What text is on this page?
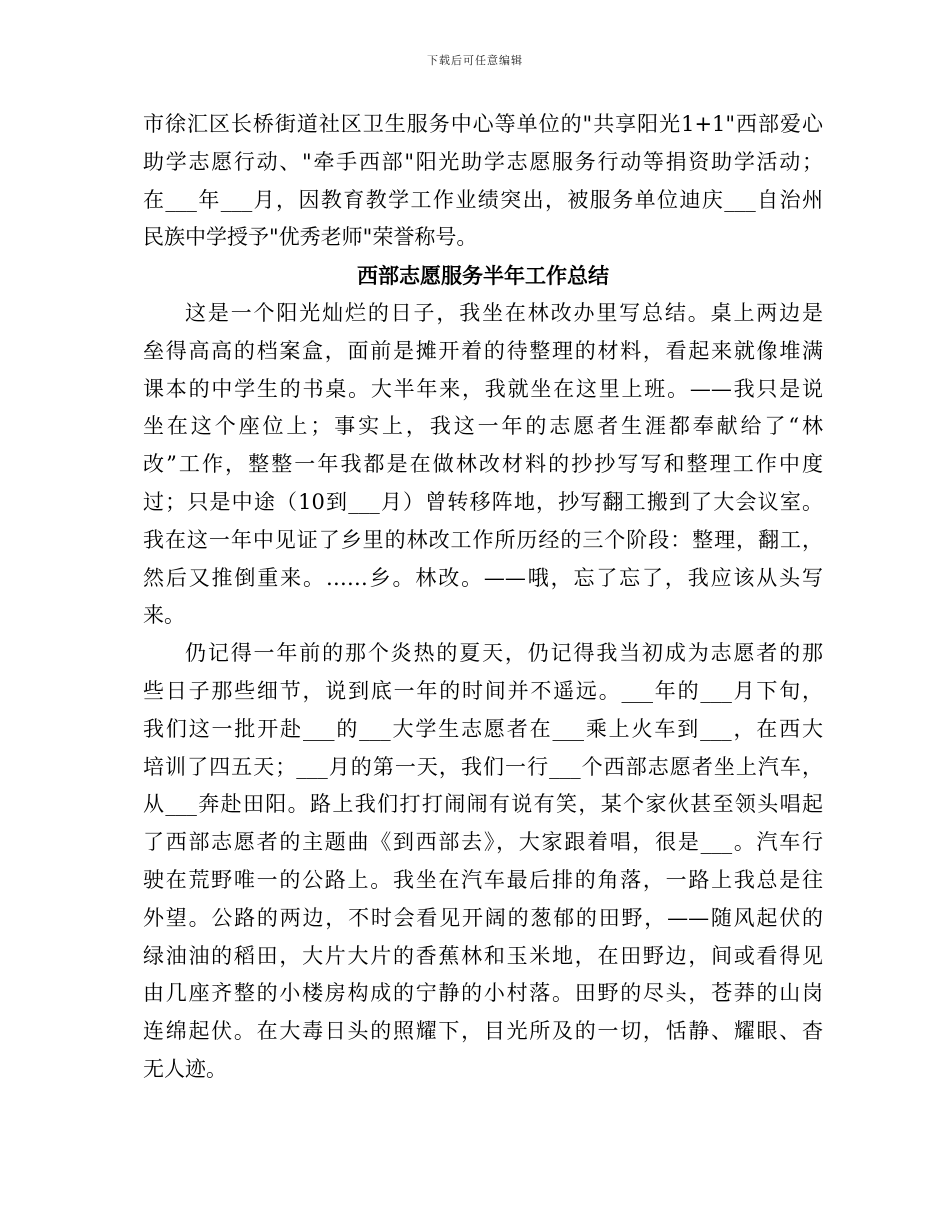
下载后可任意编辑
市徐汇区长桥街道社区卫生服务中心等单位的"共享阳光1+1"西部爱心
助学志愿行动、"牵手西部"阳光助学志愿服务行动等捐资助学活动；
在___年___月，因教育教学工作业绩突出，被服务单位迪庆___自治州
民族中学授予"优秀老师"荣誉称号。
西部志愿服务半年工作总结
这是一个阳光灿烂的日子，我坐在林改办里写总结。桌上两边是
垒得高高的档案盒，面前是摊开着的待整理的材料，看起来就像堆满
课本的中学生的书桌。大半年来，我就坐在这里上班。——我只是说
坐在这个座位上；事实上，我这一年的志愿者生涯都奉献给了“林
改”工作，整整一年我都是在做林改材料的抄抄写写和整理工作中度
过；只是中途（10到___月）曾转移阵地，抄写翻工搬到了大会议室。
我在这一年中见证了乡里的林改工作所历经的三个阶段：整理，翻工，
然后又推倒重来。……乡。林改。——哦，忘了忘了，我应该从头写
来。
仍记得一年前的那个炎热的夏天，仍记得我当初成为志愿者的那
些日子那些细节，说到底一年的时间并不遥远。___年的___月下旬，
我们这一批开赴___的___大学生志愿者在___乘上火车到___，在西大
培训了四五天；___月的第一天，我们一行___个西部志愿者坐上汽车，
从___奔赴田阳。路上我们打打闹闹有说有笑，某个家伙甚至领头唱起
了西部志愿者的主题曲《到西部去》，大家跟着唱，很是___。汽车行
驶在荒野唯一的公路上。我坐在汽车最后排的角落，一路上我总是往
外望。公路的两边，不时会看见开阔的葱郁的田野，——随风起伏的
绿油油的稻田，大片大片的香蕉林和玉米地，在田野边，间或看得见
由几座齐整的小楼房构成的宁静的小村落。田野的尽头，苍莽的山岗
连绵起伏。在大毒日头的照耀下，目光所及的一切，恬静、耀眼、杳
无人迹。
